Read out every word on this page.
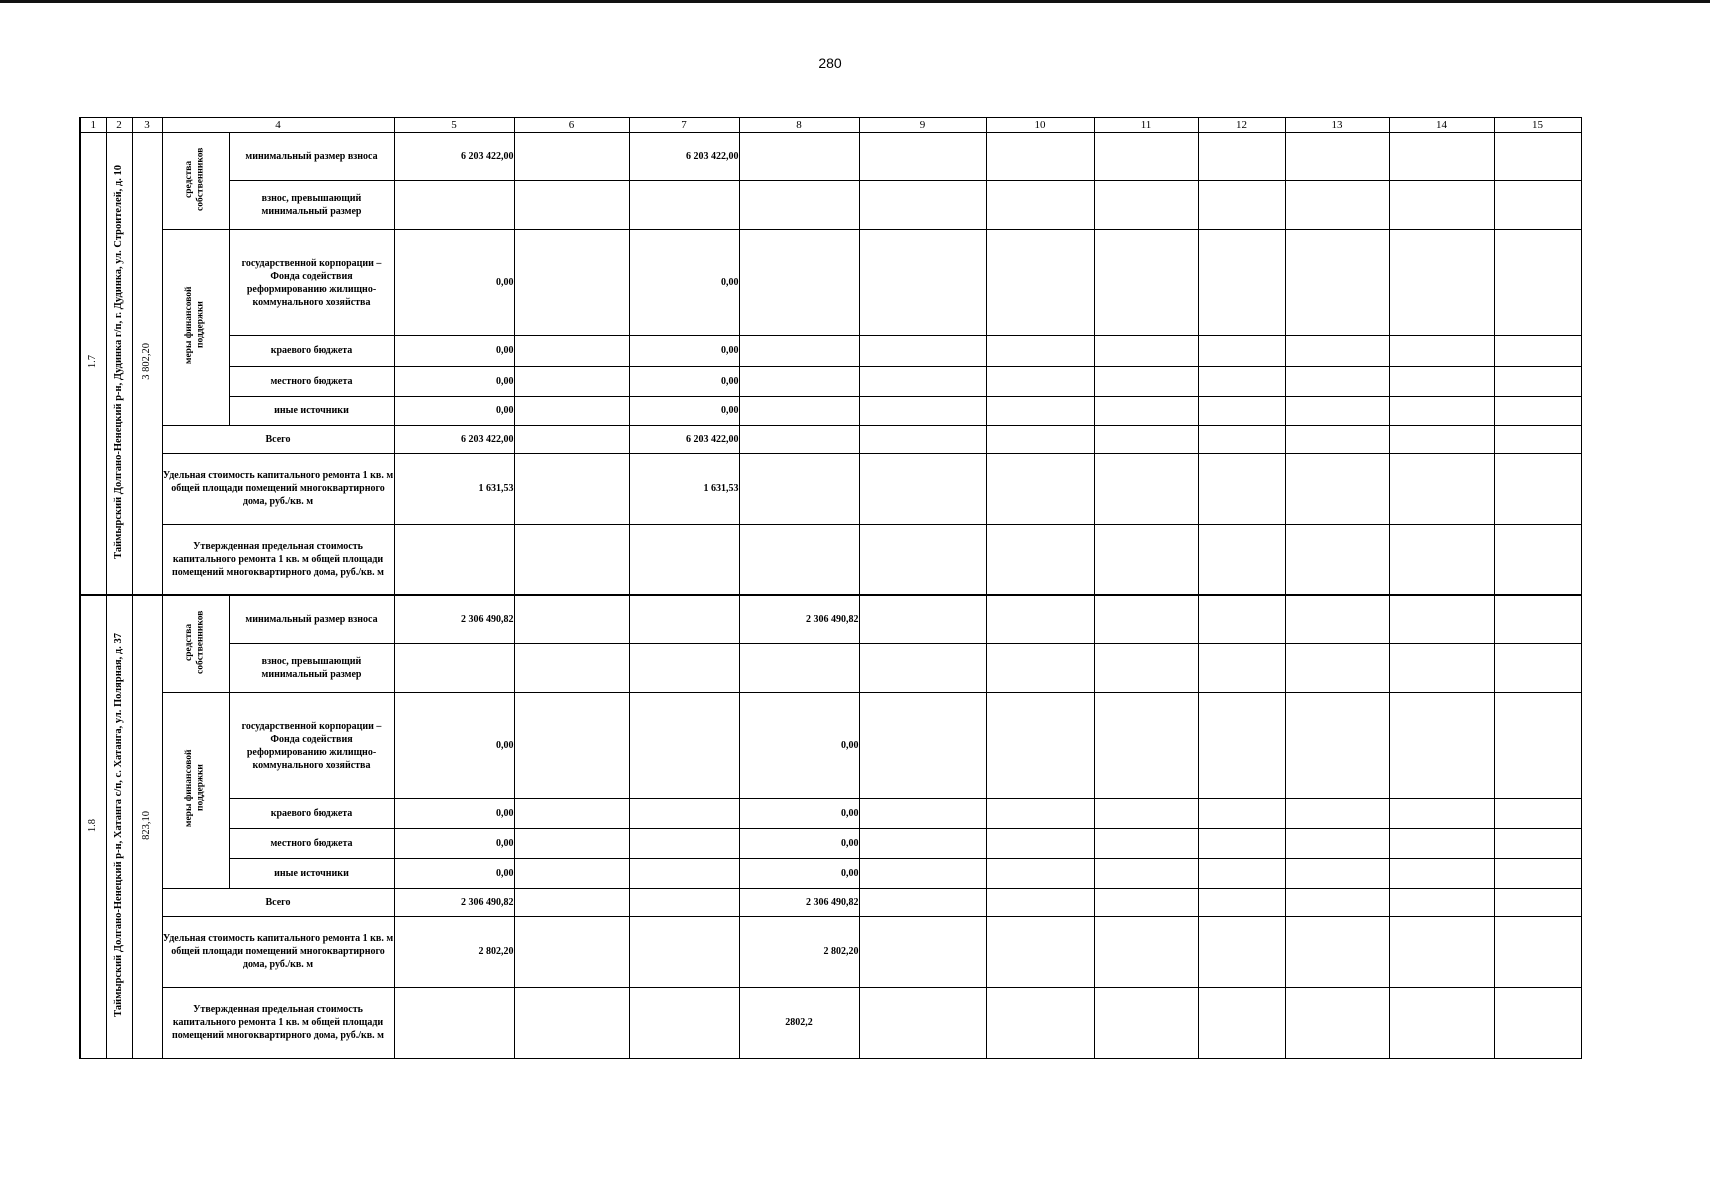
280
1	2	3	4		5	6	7	8	9	10	11	12	13	14	15
1.7	Таймырский Долгано-Ненецкий р-н, Дудинка г/п, г. Дудинка, ул. Строителей, д. 10	3 802,20	средства собственников	минимальный размер взноса	6 203 422,00		6 203 422,00								
				взнос, превышающий минимальный размер											
			меры финансовой поддержки	государственной корпорации – Фонда содействия реформированию жилищно-коммунального хозяйства	0,00		0,00								
				краевого бюджета	0,00		0,00								
				местного бюджета	0,00		0,00								
				иные источники	0,00		0,00								
			Всего		6 203 422,00		6 203 422,00								
			Удельная стоимость капитального ремонта 1 кв. м общей площади помещений многоквартирного дома, руб./кв. м		1 631,53		1 631,53								
			Утвержденная предельная стоимость капитального ремонта 1 кв. м общей площади помещений многоквартирного дома, руб./кв. м												
1.8	Таймырский Долгано-Ненецкий р-н, Хатанга с/п, с. Хатанга, ул. Полярная, д. 37	823,10	средства собственников	минимальный размер взноса	2 306 490,82			2 306 490,82							
				взнос, превышающий минимальный размер											
			меры финансовой поддержки	государственной корпорации – Фонда содействия реформированию жилищно-коммунального хозяйства	0,00			0,00							
				краевого бюджета	0,00			0,00							
				местного бюджета	0,00			0,00							
				иные источники	0,00			0,00							
			Всего		2 306 490,82			2 306 490,82							
			Удельная стоимость капитального ремонта 1 кв. м общей площади помещений многоквартирного дома, руб./кв. м		2 802,20			2 802,20							
			Утвержденная предельная стоимость капитального ремонта 1 кв. м общей площади помещений многоквартирного дома, руб./кв. м					2802,2							
